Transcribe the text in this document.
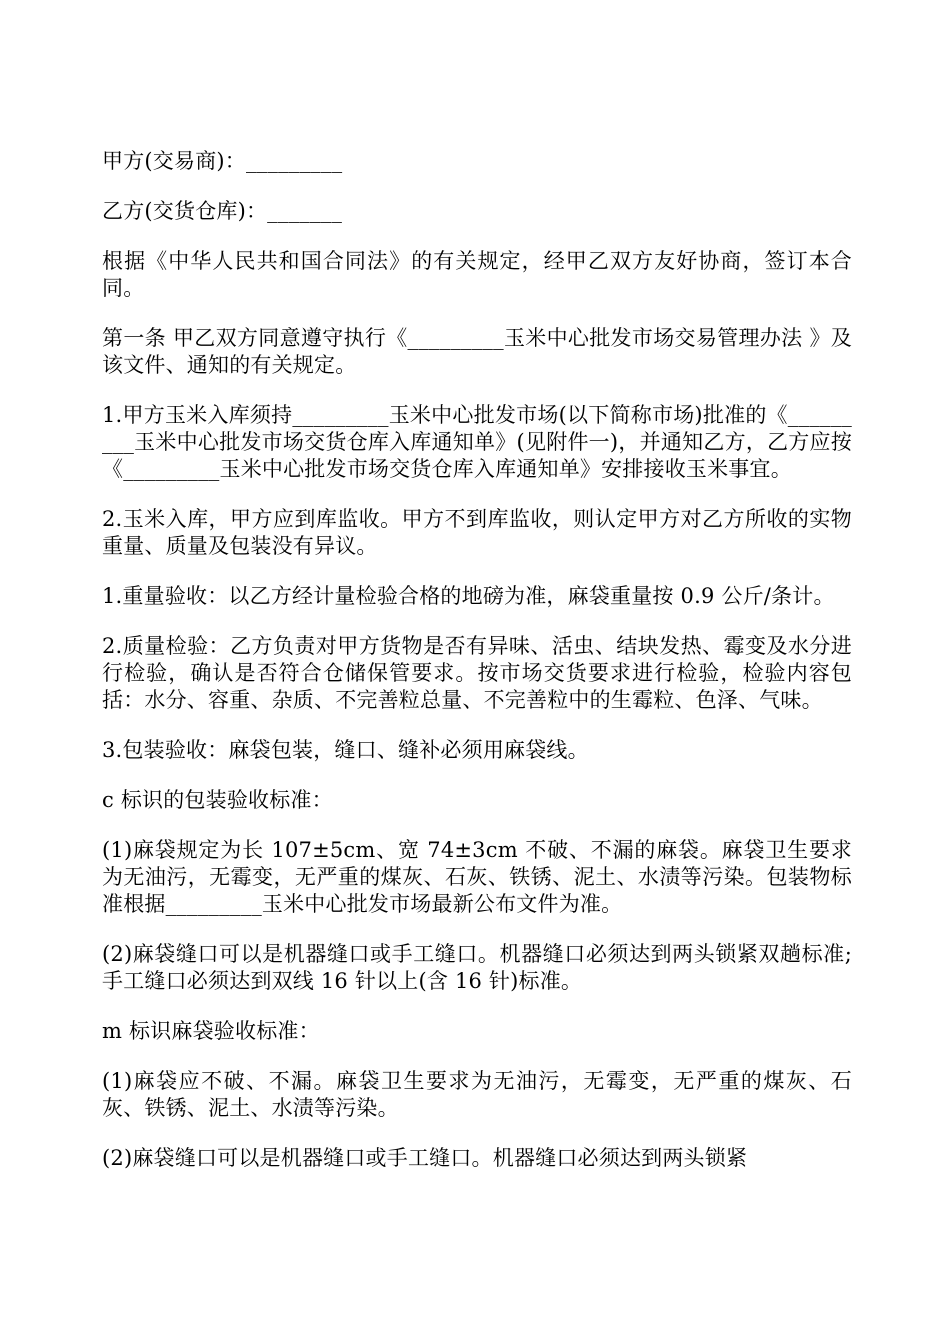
甲方(交易商)：_________

乙方(交货仓库)：_______

根据《中华人民共和国合同法》的有关规定，经甲乙双方友好协商，签订本合同。

第一条 甲乙双方同意遵守执行《_________玉米中心批发市场交易管理办法 》及该文件、通知的有关规定。

1.甲方玉米入库须持_________玉米中心批发市场(以下简称市场)批准的《_________玉米中心批发市场交货仓库入库通知单》(见附件一)，并通知乙方，乙方应按《_________玉米中心批发市场交货仓库入库通知单》安排接收玉米事宜。

2.玉米入库，甲方应到库监收。甲方不到库监收，则认定甲方对乙方所收的实物重量、质量及包装没有异议。

1.重量验收：以乙方经计量检验合格的地磅为准，麻袋重量按 0.9 公斤/条计。

2.质量检验：乙方负责对甲方货物是否有异味、活虫、结块发热、霉变及水分进行检验，确认是否符合仓储保管要求。按市场交货要求进行检验，检验内容包括：水分、容重、杂质、不完善粒总量、不完善粒中的生霉粒、色泽、气味。

3.包装验收：麻袋包装，缝口、缝补必须用麻袋线。

c 标识的包装验收标准：

(1)麻袋规定为长 107±5cm、宽 74±3cm 不破、不漏的麻袋。麻袋卫生要求为无油污，无霉变，无严重的煤灰、石灰、铁锈、泥土、水渍等污染。包装物标准根据_________玉米中心批发市场最新公布文件为准。

(2)麻袋缝口可以是机器缝口或手工缝口。机器缝口必须达到两头锁紧双趟标准;手工缝口必须达到双线 16 针以上(含 16 针)标准。

m 标识麻袋验收标准：

(1)麻袋应不破、不漏。麻袋卫生要求为无油污，无霉变，无严重的煤灰、石灰、铁锈、泥土、水渍等污染。

(2)麻袋缝口可以是机器缝口或手工缝口。机器缝口必须达到两头锁紧
